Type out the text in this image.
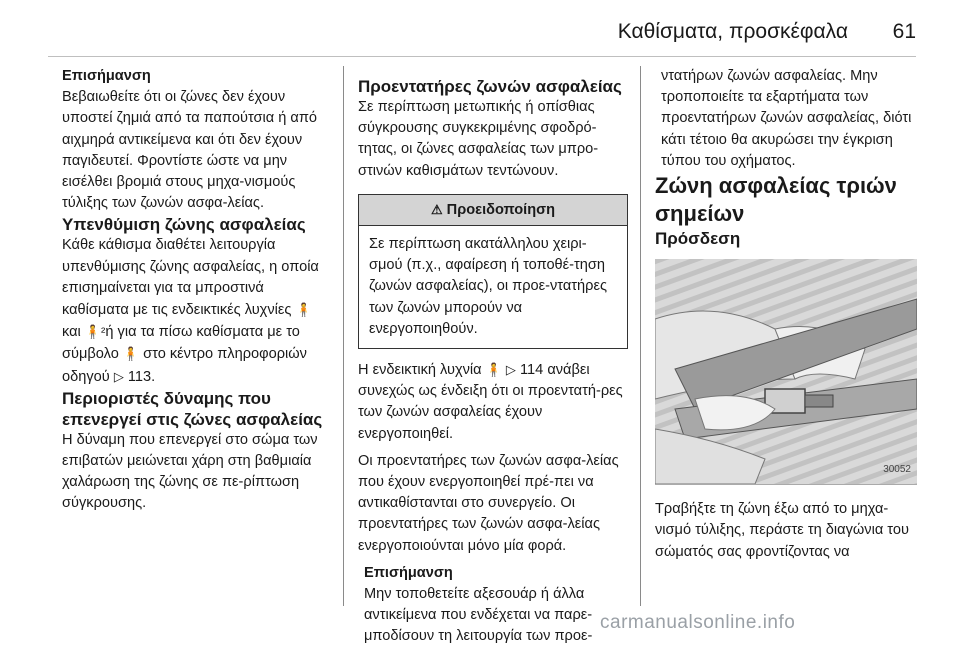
Καθίσματα, προσκέφαλα 61

Επισήμανση

Βεβαιωθείτε ότι οι ζώνες δεν έχουν υποστεί ζημιά από τα παπούτσια ή από αιχμηρά αντικείμενα και ότι δεν έχουν παγιδευτεί. Φροντίστε ώστε να μην εισέλθει βρομιά στους μηχα-νισμούς τύλιξης των ζωνών ασφα-λείας.

Υπενθύμιση ζώνης ασφαλείας

Κάθε κάθισμα διαθέτει λειτουργία υπενθύμισης ζώνης ασφαλείας, η οποία επισημαίνεται για τα μπροστινά καθίσματα με τις ενδεικτικές λυχνίες 🧍 και 🧍²ή για τα πίσω καθίσματα με το σύμβολο 🧍 στο κέντρο πληροφοριών οδηγού ▷ 113.

Περιοριστές δύναμης που επενεργεί στις ζώνες ασφαλείας

Η δύναμη που επενεργεί στο σώμα των επιβατών μειώνεται χάρη στη βαθμιαία χαλάρωση της ζώνης σε πε-ρίπτωση σύγκρουσης.

Προεντατήρες ζωνών ασφαλείας

Σε περίπτωση μετωπικής ή οπίσθιας σύγκρουσης συγκεκριμένης σφοδρό-τητας, οι ζώνες ασφαλείας των μπρο-στινών καθισμάτων τεντώνουν.

⚠ Προειδοποίηση
Σε περίπτωση ακατάλληλου χειρι-σμού (π.χ., αφαίρεση ή τοποθέ-τηση ζωνών ασφαλείας), οι προε-ντατήρες των ζωνών μπορούν να ενεργοποιηθούν.

Η ενδεικτική λυχνία 🧍 ▷ 114 ανάβει συνεχώς ως ένδειξη ότι οι προεντατή-ρες των ζωνών ασφαλείας έχουν ενεργοποιηθεί.

Οι προεντατήρες των ζωνών ασφα-λείας που έχουν ενεργοποιηθεί πρέ-πει να αντικαθίστανται στο συνεργείο. Οι προεντατήρες των ζωνών ασφα-λείας ενεργοποιούνται μόνο μία φορά.

Επισήμανση

Μην τοποθετείτε αξεσουάρ ή άλλα αντικείμενα που ενδέχεται να παρε-μποδίσουν τη λειτουργία των προε-

ντατήρων ζωνών ασφαλείας. Μην τροποποιείτε τα εξαρτήματα των προεντατήρων ζωνών ασφαλείας, διότι κάτι τέτοιο θα ακυρώσει την έγκριση τύπου του οχήματος.

Ζώνη ασφαλείας τριών σημείων

Πρόσδεση

30052

Τραβήξτε τη ζώνη έξω από το μηχα-νισμό τύλιξης, περάστε τη διαγώνια του σώματός σας φροντίζοντας να

carmanualsonline.info
